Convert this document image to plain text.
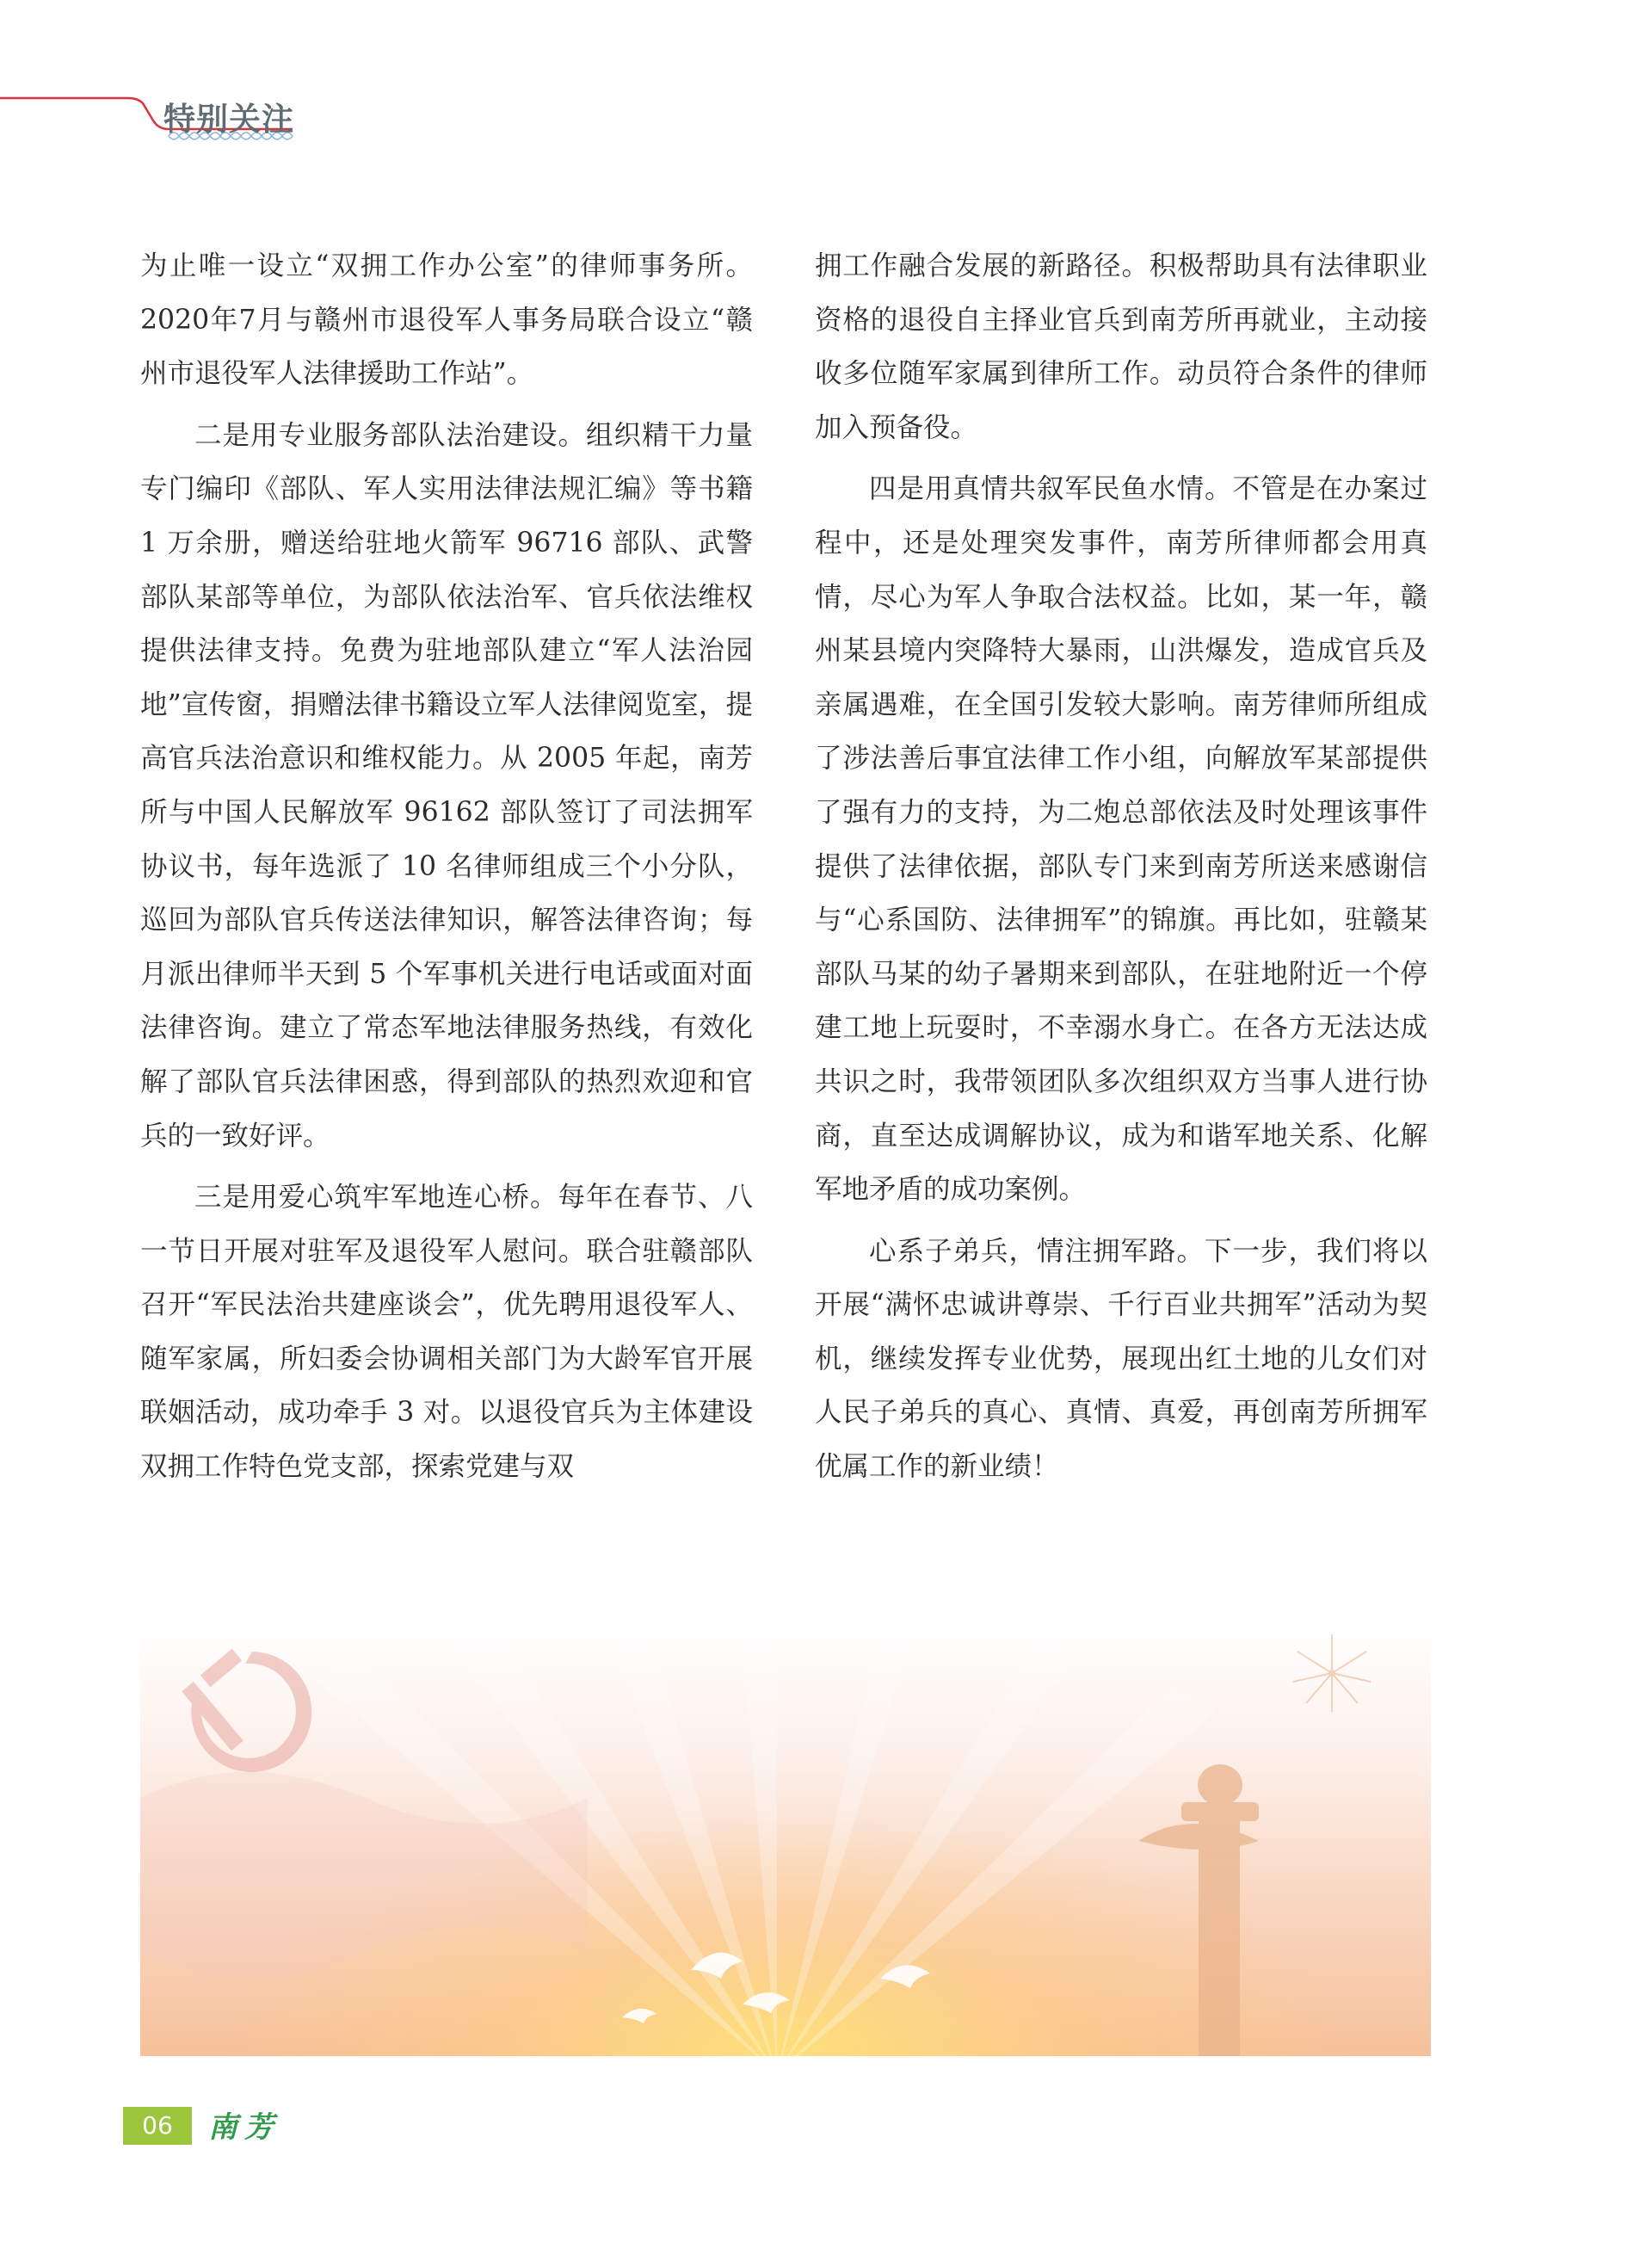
特别关注

为止唯一设立“双拥工作办公室”的律师事务所。2020年7月与赣州市退役军人事务局联合设立“赣州市退役军人法律援助工作站”。

二是用专业服务部队法治建设。组织精干力量专门编印《部队、军人实用法律法规汇编》等书籍 1 万余册，赠送给驻地火箭军 96716 部队、武警部队某部等单位，为部队依法治军、官兵依法维权提供法律支持。免费为驻地部队建立“军人法治园地”宣传窗，捐赠法律书籍设立军人法律阅览室，提高官兵法治意识和维权能力。从 2005 年起，南芳所与中国人民解放军 96162 部队签订了司法拥军协议书，每年选派了 10 名律师组成三个小分队，巡回为部队官兵传送法律知识，解答法律咨询；每月派出律师半天到 5 个军事机关进行电话或面对面法律咨询。建立了常态军地法律服务热线，有效化解了部队官兵法律困惑，得到部队的热烈欢迎和官兵的一致好评。

三是用爱心筑牢军地连心桥。每年在春节、八一节日开展对驻军及退役军人慰问。联合驻赣部队召开“军民法治共建座谈会”，优先聘用退役军人、随军家属，所妇委会协调相关部门为大龄军官开展联姻活动，成功牵手 3 对。以退役官兵为主体建设双拥工作特色党支部，探索党建与双

拥工作融合发展的新路径。积极帮助具有法律职业资格的退役自主择业官兵到南芳所再就业，主动接收多位随军家属到律所工作。动员符合条件的律师加入预备役。

四是用真情共叙军民鱼水情。不管是在办案过程中，还是处理突发事件，南芳所律师都会用真情，尽心为军人争取合法权益。比如，某一年，赣州某县境内突降特大暴雨，山洪爆发，造成官兵及亲属遇难，在全国引发较大影响。南芳律师所组成了涉法善后事宜法律工作小组，向解放军某部提供了强有力的支持，为二炮总部依法及时处理该事件提供了法律依据，部队专门来到南芳所送来感谢信与“心系国防、法律拥军”的锦旗。再比如，驻赣某部队马某的幼子暑期来到部队，在驻地附近一个停建工地上玩耍时，不幸溺水身亡。在各方无法达成共识之时，我带领团队多次组织双方当事人进行协商，直至达成调解协议，成为和谐军地关系、化解军地矛盾的成功案例。

心系子弟兵，情注拥军路。下一步，我们将以开展“满怀忠诚讲尊崇、千行百业共拥军”活动为契机，继续发挥专业优势，展现出红土地的儿女们对人民子弟兵的真心、真情、真爱，再创南芳所拥军优属工作的新业绩！

06	南芳
